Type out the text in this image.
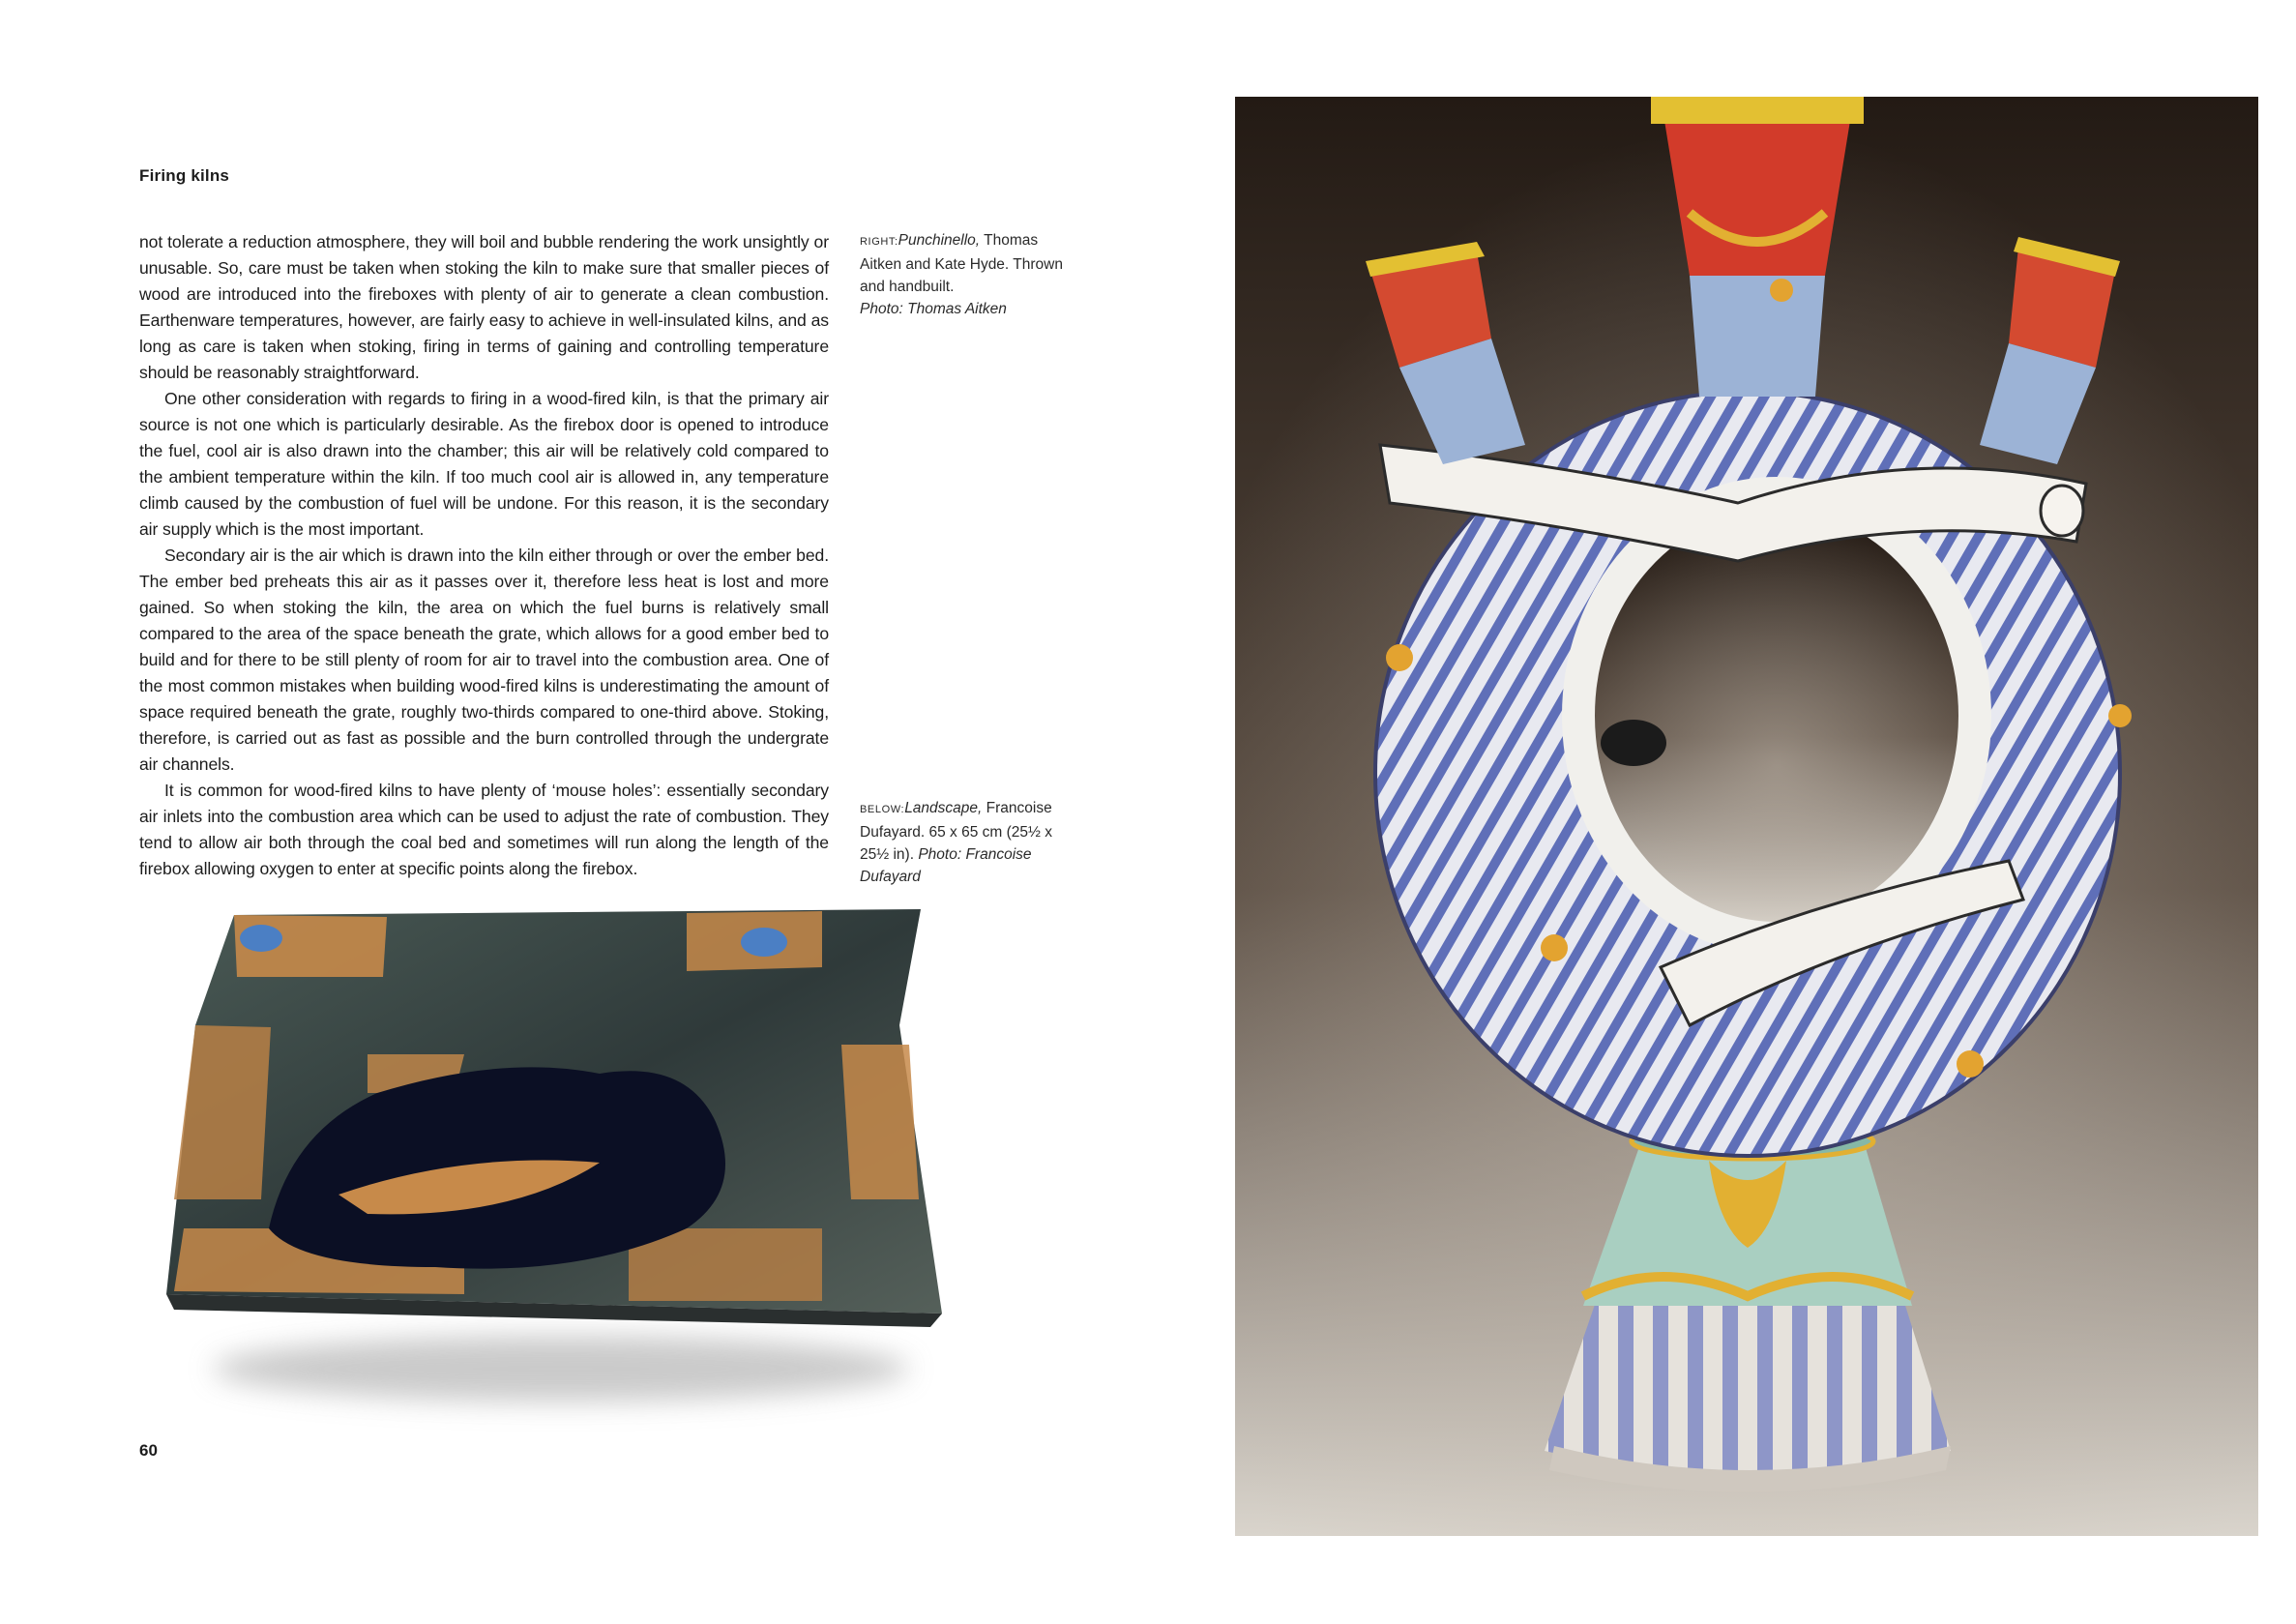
Firing kilns

not tolerate a reduction atmosphere, they will boil and bubble rendering the work unsightly or unusable. So, care must be taken when stoking the kiln to make sure that smaller pieces of wood are introduced into the fireboxes with plenty of air to generate a clean combustion. Earthenware temperatures, however, are fairly easy to achieve in well-insulated kilns, and as long as care is taken when stoking, firing in terms of gaining and controlling temperature should be reasonably straightforward.

One other consideration with regards to firing in a wood-fired kiln, is that the primary air source is not one which is particularly desirable. As the firebox door is opened to introduce the fuel, cool air is also drawn into the chamber; this air will be relatively cold compared to the ambient temperature within the kiln. If too much cool air is allowed in, any temperature climb caused by the combustion of fuel will be undone. For this reason, it is the secondary air supply which is the most important.

Secondary air is the air which is drawn into the kiln either through or over the ember bed. The ember bed preheats this air as it passes over it, therefore less heat is lost and more gained. So when stoking the kiln, the area on which the fuel burns is relatively small compared to the area of the space beneath the grate, which allows for a good ember bed to build and for there to be still plenty of room for air to travel into the combustion area. One of the most common mistakes when building wood-fired kilns is underestimating the amount of space required beneath the grate, roughly two-thirds compared to one-third above. Stoking, therefore, is carried out as fast as possible and the burn controlled through the undergrate air channels.

It is common for wood-fired kilns to have plenty of ‘mouse holes’: essentially secondary air inlets into the combustion area which can be used to adjust the rate of combustion. They tend to allow air both through the coal bed and sometimes will run along the length of the firebox allowing oxygen to enter at specific points along the firebox.

RIGHT:Punchinello, Thomas Aitken and Kate Hyde. Thrown and handbuilt.
Photo: Thomas Aitken
BELOW:Landscape, Francoise Dufayard. 65 x 65 cm (25½ x 25½ in). Photo: Francoise Dufayard
60
